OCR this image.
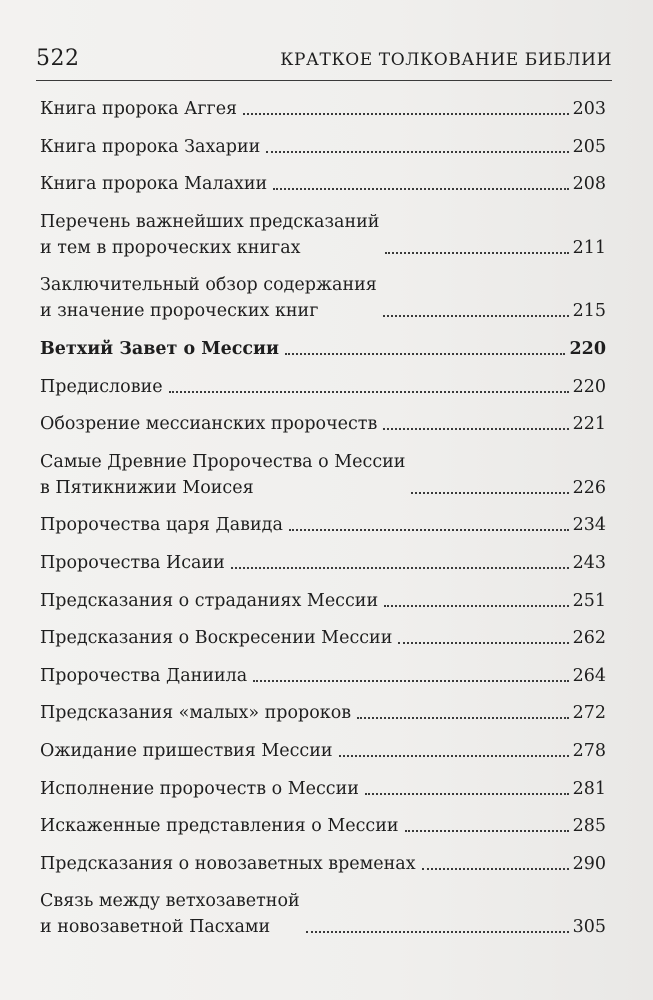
522	КРАТКОЕ ТОЛКОВАНИЕ БИБЛИИ
Книга пророка Аггея	203
Книга пророка Захарии	205
Книга пророка Малахии	208
Перечень важнейших предсказаний
и тем в пророческих книгах	211
Заключительный обзор содержания
и значение пророческих книг	215
Ветхий Завет о Мессии	220
Предисловие	220
Обозрение мессианских пророчеств	221
Самые Древние Пророчества о Мессии
в Пятикнижии Моисея	226
Пророчества царя Давида	234
Пророчества Исаии	243
Предсказания о страданиях Мессии	251
Предсказания о Воскресении Мессии	262
Пророчества Даниила	264
Предсказания «малых» пророков	272
Ожидание пришествия Мессии	278
Исполнение пророчеств о Мессии	281
Искаженные представления о Мессии	285
Предсказания о новозаветных временах	290
Связь между ветхозаветной
и новозаветной Пасхами	305
